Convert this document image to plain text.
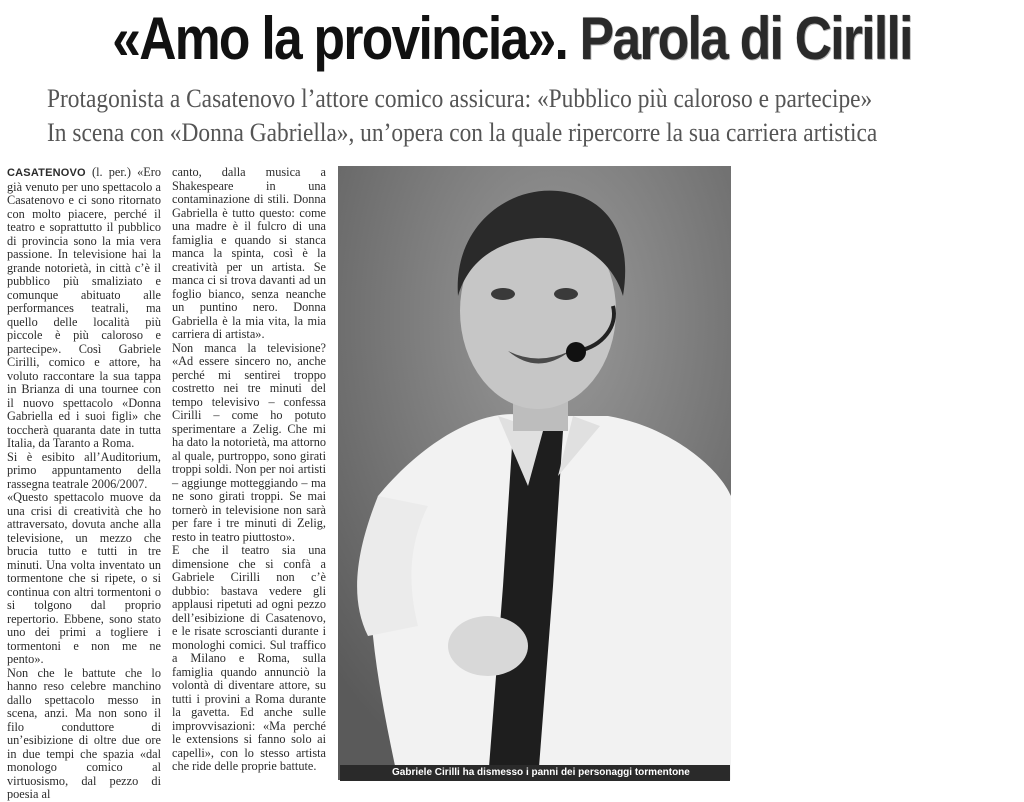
«Amo la provincia». Parola di Cirilli
Protagonista a Casatenovo l’attore comico assicura: «Pubblico più caloroso e partecipe»
In scena con «Donna Gabriella», un’opera con la quale ripercorre la sua carriera artistica
CASATENOVO (l. per.) «Ero già venuto per uno spettacolo a Casatenovo e ci sono ritornato con molto piacere, perché il teatro e soprattutto il pubblico di provincia sono la mia vera passione. In televisione hai la grande notorietà, in città c’è il pubblico più smaliziato e comunque abituato alle performances teatrali, ma quello delle località più piccole è più caloroso e partecipe». Così Gabriele Cirilli, comico e attore, ha voluto raccontare la sua tappa in Brianza di una tournee con il nuovo spettacolo «Donna Gabriella ed i suoi figli» che toccherà quaranta date in tutta Italia, da Taranto a Roma.
Si è esibito all’Auditorium, primo appuntamento della rassegna teatrale 2006/2007.
«Questo spettacolo muove da una crisi di creatività che ho attraversato, dovuta anche alla televisione, un mezzo che brucia tutto e tutti in tre minuti. Una volta inventato un tormentone che si ripete, o si continua con altri tormentoni o si tolgono dal proprio repertorio. Ebbene, sono stato uno dei primi a togliere i tormentoni e non me ne pento».
Non che le battute che lo hanno reso celebre manchino dallo spettacolo messo in scena, anzi. Ma non sono il filo conduttore di un’esibizione di oltre due ore in due tempi che spazia «dal monologo comico al virtuosismo, dal pezzo di poesia al
canto, dalla musica a Shakespeare in una contaminazione di stili. Donna Gabriella è tutto questo: come una madre è il fulcro di una famiglia e quando si stanca manca la spinta, così è la creatività per un artista. Se manca ci si trova davanti ad un foglio bianco, senza neanche un puntino nero. Donna Gabriella è la mia vita, la mia carriera di artista».
Non manca la televisione? «Ad essere sincero no, anche perché mi sentirei troppo costretto nei tre minuti del tempo televisivo – confessa Cirilli – come ho potuto sperimentare a Zelig. Che mi ha dato la notorietà, ma attorno al quale, purtroppo, sono girati troppi soldi. Non per noi artisti – aggiunge motteggiando – ma ne sono girati troppi. Se mai tornerò in televisione non sarà per fare i tre minuti di Zelig, resto in teatro piuttosto».
E che il teatro sia una dimensione che si confà a Gabriele Cirilli non c’è dubbio: bastava vedere gli applausi ripetuti ad ogni pezzo dell’esibizione di Casatenovo, e le risate scroscianti durante i monologhi comici. Sul traffico a Milano e Roma, sulla famiglia quando annunciò la volontà di diventare attore, su tutti i provini a Roma durante la gavetta. Ed anche sulle improvvisazioni: «Ma perché le extensions si fanno solo ai capelli», con lo stesso artista che ride delle proprie battute.	Gabriele Cirilli ha dismesso i panni dei personaggi tormentone
